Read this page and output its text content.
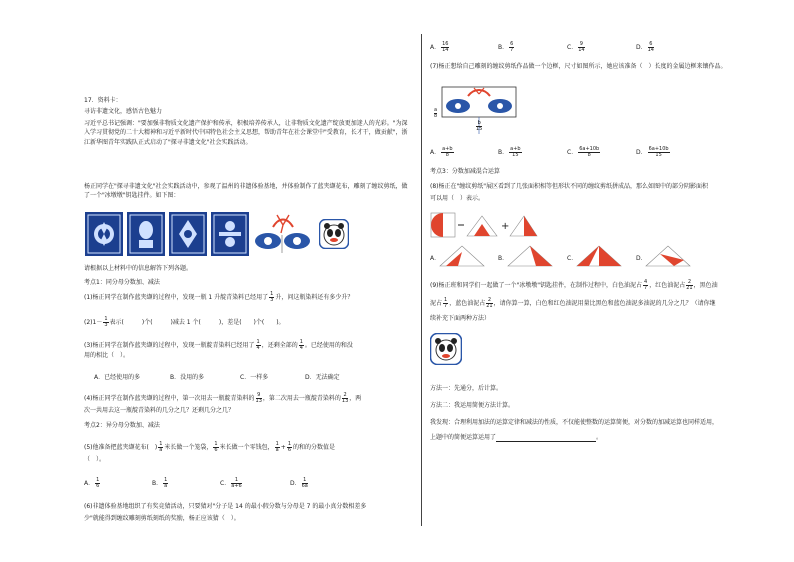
17．资料卡：
寻访非遗文化，感悟古色魅力
习近平总书记强调："要加强非物质文化遗产保护和传承，积极培养传承人，让非物质文化遗产绽放更加迷人的光彩。"为深入学习贯彻党的二十大精神和习近平新时代中国特色社会主义思想，帮助青年在社会课堂中"受教育，长才干，做贡献"，浙江新华图青年实践队正式启动了"探寻非遗文化"社会实践活动。
杨正同学在"探寻非遗文化"社会实践活动中，参观了温州的非遗体验基地，并体验制作了蓝夹缬花布，雕刻了缠纹剪纸，做了一个"冰墩墩"钥匙挂件。如下图：
请根据以上材料中的信息解答下列各题。
考点1：同分母分数加、减法
(1)杨正同学在制作蓝夹缬的过程中，发现一瓶 1 升靛青染料已经用了 $\frac{1}{3}$ 升，问这瓶染料还有多少升？
$(2)1- \frac{1}{3}$ 表示(　　　)个(　　　)减去 1 个(　　　)，差是(　　)个(　　)。
(3)杨正同学在制作蓝夹缬的过程中，发现一瓶靛青染料已经用了 $\frac{1}{4}$ ，还剩全部的 $\frac{1}{4}$ 。已经使用的和没
用的相比（　）。
A．已经使用的多	B．没用的多	C．一样多	D．无法确定
(4)杨正同学在制作蓝夹缬的过程中，第一次用去一瓶靛青染料的 $\frac{9}{13}$ ，第二次用去一瓶靛青染料的 $\frac{2}{13}$ ，两
次一共用去这一瓶靛青染料的几分之几？还剩几分之几？
考点2：异分母分数加、减法
(5)他准备把蓝夹缬花布(　) $\frac{1}{a}$ 米长做一个笼袋， $\frac{1}{6}$ 米长做一个零钱包， $\frac{1}{a} + \frac{1}{6}$ 的和的分数值是
（　）。
A． $\frac{1}{6}$	B． $\frac{1}{a}$	C． $\frac{1}{a+6}$	D． $\frac{1}{6a}$
(6)非遗体验基地组织了有奖竞猜活动，只要猜对"分子是 14 的最小假分数与分母是 7 的最小真分数相差多
少"就能得到缠纹雕刻剪纸刻纸的奖励，杨正应该猜（　）。
A． $\frac{16}{14}$	B． $\frac{6}{7}$	C． $\frac{9}{14}$	D． $\frac{6}{14}$
(7)杨正想给自己雕刻的缠纹剪纸作品做一个边框，尺寸如图所示，她应该准备（　）长度的金属边框来镶作品。
a
8
b
15
A． $\frac{a+b}{8}$	B． $\frac{a+b}{15}$	C． $\frac{6a+10b}{8}$	D． $\frac{6a+10b}{15}$
考点3：分数加减混合运算
(8)杨正在"缠纹剪纸"展区看到了几张面积相等但形状不同的缠纹剪纸拼成品，那么如图中的部分阴影面积
可以用（　）表示。
+
A．	B．	C．	D．
(9)杨正班和同学们一起做了一个"冰墩墩"钥匙挂件，在制作过程中，白色油泥占 $\frac{4}{7}$ ，红色油泥占 $\frac{2}{21}$ ，黑色油
泥占 $\frac{1}{7}$ ，蓝色油泥占 $\frac{2}{21}$ ，请你算一算，白色和红色油泥用量比黑色和蓝色油泥多油泥的几分之几？（请你继
续补充下面两种方法）
方法一：先通分，后计算。
方法二：我运用简便方法计算。
我发现：合理利用加法的运算定律和减法的性质，不仅能使整数的运算简便，对分数的加减运算也同样适用，
上题中的简便运算运用了	。
